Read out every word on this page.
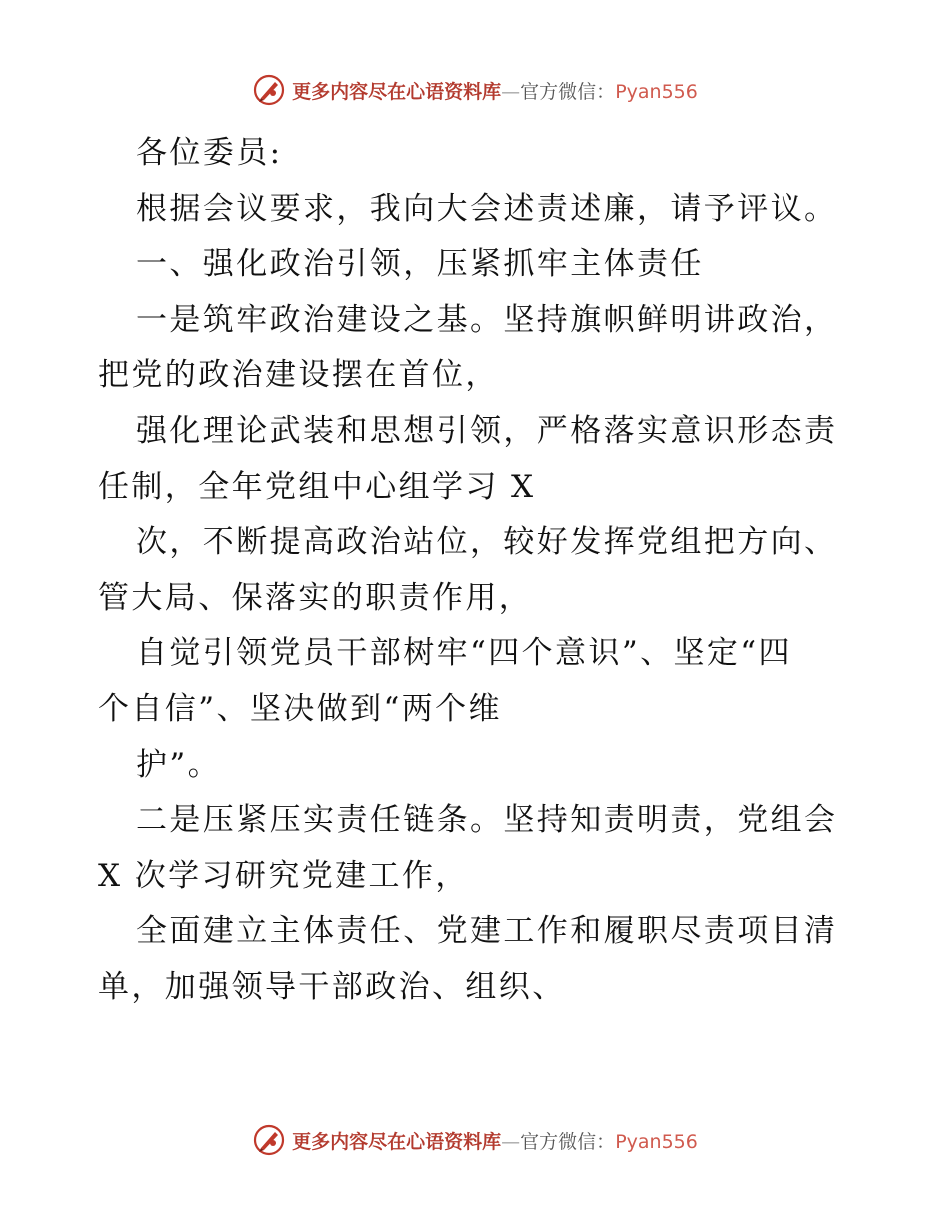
更多内容尽在心语资料库—官方微信：Pyan556
各位委员:
根据会议要求，我向大会述责述廉，请予评议。
一、强化政治引领，压紧抓牢主体责任
一是筑牢政治建设之基。坚持旗帜鲜明讲政治，
把党的政治建设摆在首位，
强化理论武装和思想引领，严格落实意识形态责
任制，全年党组中心组学习 X
次，不断提高政治站位，较好发挥党组把方向、
管大局、保落实的职责作用，
自觉引领党员干部树牢“四个意识”、坚定“四
个自信”、坚决做到“两个维
护”。
二是压紧压实责任链条。坚持知责明责，党组会
X 次学习研究党建工作，
全面建立主体责任、党建工作和履职尽责项目清
单，加强领导干部政治、组织、
更多内容尽在心语资料库—官方微信：Pyan556
